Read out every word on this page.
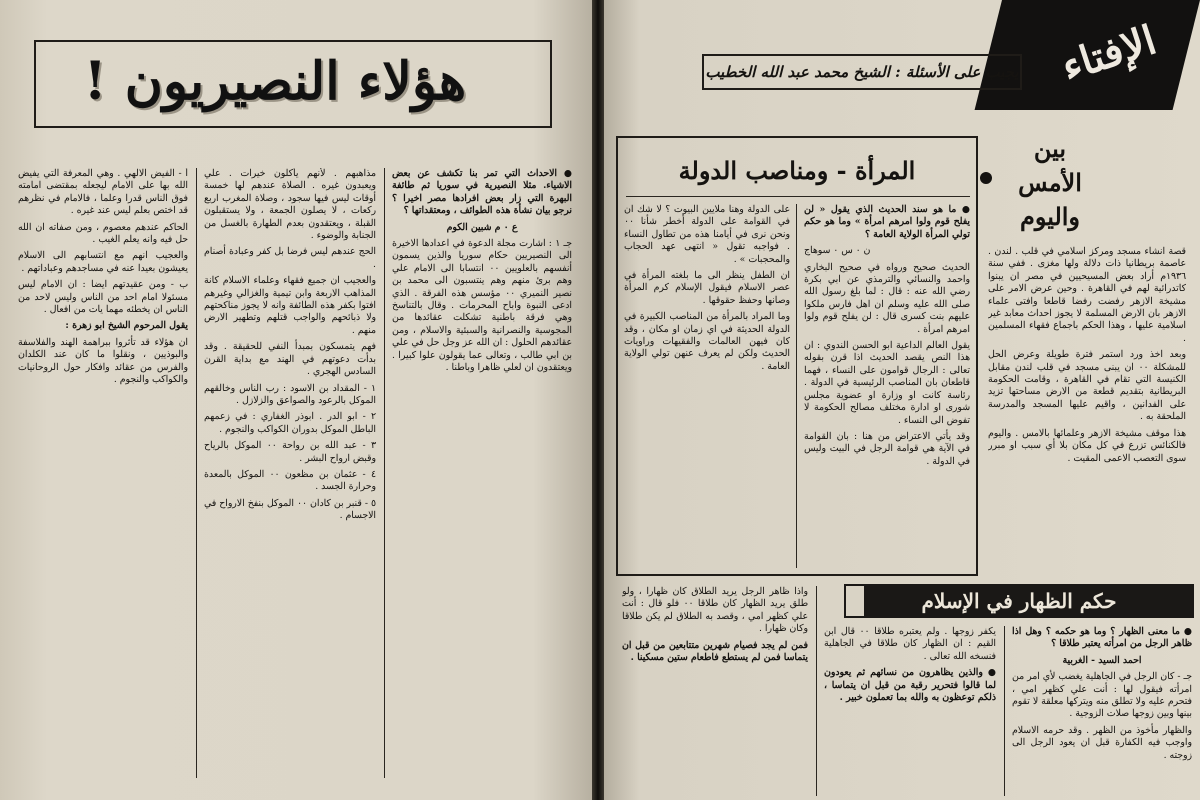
هؤلاء النصيريون !

● الاحداث التي تمر بنا تكشف عن بعض الاشياء. مثلا النصيرية في سوريا ثم طائفة البهرة التي زار بعض افرادها مصر اخيرا ؟ نرجو بيان نشأة هذه الطوائف ، ومعتقداتها ؟

ع ٠ م شبين الكوم

جـ ١ : اشارت مجلة الدعوة في اعدادها الاخيرة الى النصيريين حكام سوريا والذين يسمون أنفسهم بالعلويين ٠٠ انتسابا الى الامام علي وهم برئ منهم وهم ينتسبون الى محمد بن نصير النميري ٠٠ مؤسس هذه الفرقة . الذي ادعى النبوة واباح المحرمات . وقال بالتناسخ وهي فرقة باطنية تشكلت عقائدها من المجوسية والنصرانية والسبئية والاسلام ، ومن عقائدهم الحلول : ان الله عز وجل حل في علي بن ابي طالب ، وتعالى عما يقولون علوا كبيرا . ويعتقدون ان لعلي ظاهرا وباطنا .

مذاهبهم . لأنهم يأكلون خيرات . علي ويعبدون غيره . الصلاة عندهم لها خمسة أوقات ليس فيها سجود ، وصلاة المغرب اربع ركعات ، لا يصلون الجمعة ، ولا يستقبلون القبلة ، ويعتقدون بعدم الطهارة بالغسل من الجنابة والوضوء .

الحج عندهم ليس فرضا بل كفر وعبادة أصنام .

والعجيب ان جميع فقهاء وعلماء الاسلام كانة المذاهب الاربعة وابن تيمية والغزالي وغيرهم افتوا بكفر هذه الطائفة وانه لا يجوز مناكحتهم ولا ذبائحهم والواجب قتلهم وتطهير الارض منهم .

فهم يتمسكون بمبدأ النفي للحقيقة . وقد بدأت دعوتهم في الهند مع بداية القرن السادس الهجري .

١ - المقداد بن الاسود : رب الناس وخالقهم الموكل بالرعود والصواعق والزلازل .

٢ - ابو الدر . ابوذر الغفاري : في زعمهم الباطل الموكل بدوران الكواكب والنجوم .

٣ - عبد الله بن رواحة ٠٠ الموكل بالرياح وقبض ارواح البشر .

٤ - عثمان بن مظعون ٠٠ الموكل بالمعدة وحرارة الجسد .

٥ - قنبر بن كادان ٠٠ الموكل بنفخ الارواح في الاجسام .

أ - الفيض الالهي . وهي المعرفة التي يفيض الله بها على الامام ليجعله بمقتضى امامته فوق الناس قدرا وعلما ، فالامام في نظرهم قد اختص بعلم ليس عند غيره .

الحاكم عندهم معصوم ، ومن صفاته ان الله حل فيه وانه يعلم الغيب .

والعجيب انهم مع انتسابهم الى الاسلام يعيشون بعيدا عنه في مساجدهم وعباداتهم .

ب - ومن عقيدتهم ايضا : ان الامام ليس مسئولا امام احد من الناس وليس لاحد من الناس ان يخطئه مهما يات من افعال .

يقول المرحوم الشيخ ابو زهرة :

ان هؤلاء قد تأثروا ببراهمة الهند والفلاسفة والبوذيين ، ونقلوا ما كان عند الكلدان والفرس من عقائد وافكار حول الروحانيات والكواكب والنجوم .

الإفتاء
يجيب على الأسئلة : الشيخ محمد عبد الله الخطيب
بين
الأمس
واليوم

قصة انشاء مسجد ومركز اسلامي في قلب . لندن . عاصمة بريطانيا ذات دلالة ولها مغزى . ففي سنة ١٩٣٦م أراد بعض المسيحيين في مصر ان يبنوا كاتدرائية لهم في القاهرة . وحين عرض الامر على مشيخة الازهر رفضت رفضا قاطعا وافتى علماء الازهر بان الارض المسلمة لا يجوز احداث معابد غير اسلامية عليها ، وهذا الحكم باجماع فقهاء المسلمين .

وبعد اخذ ورد استمر فترة طويلة وعرض الحل للمشكلة ٠٠ ان يبنى مسجد في قلب لندن مقابل الكنيسة التي تقام في القاهرة ، وقامت الحكومة البريطانية بتقديم قطعة من الارض مساحتها تزيد على الفدانين ، واقيم عليها المسجد والمدرسة الملحقة به .

هذا موقف مشيخة الازهر وعلمائها بالامس . واليوم فالكنائس تزرع في كل مكان بلا أي سبب او مبرر سوى التعصب الاعمى المقيت .

المرأة - ومناصب الدولة

● ما هو سند الحديث الذي يقول « لن يفلح قوم ولوا امرهم امرأة » وما هو حكم تولي المرأة الولاية العامة ؟

ن ٠ س ٠ سوهاج

الحديث صحيح ورواه في صحيح البخاري واحمد والنسائي والترمذي عن ابي بكرة رضي الله عنه : قال : لما بلغ رسول الله صلى الله عليه وسلم ان اهل فارس ملكوا عليهم بنت كسرى قال : لن يفلح قوم ولوا امرهم امرأة .

يقول العالم الداعية ابو الحسن الندوي : ان هذا النص يقصد الحديث اذا قرن بقوله تعالى : الرجال قوامون على النساء ، فهما قاطعان بان المناصب الرئيسية في الدولة . رئاسة كانت او وزارة او عضوية مجلس شورى او ادارة مختلف مصالح الحكومة لا تفوض الى النساء .

وقد يأتي الاعتراض من هنا : بان القوامة في الآية هي قوامة الرجل في البيت وليس في الدولة .

على الدولة وهنا ملايين البيوت ؟ لا شك ان في القوامة على الدولة أخطر شأنا ٠٠ ونحن نرى في أيامنا هذه من تطاول النساء . فواجبه تقول « انتهى عهد الحجاب والمحجبات » .

ان الطفل ينظر الى ما بلغته المرأة في عصر الاسلام فيقول الإسلام كرم المرأة وصانها وحفظ حقوقها .

وما المراد بالمرأة من المناصب الكبيرة في الدولة الحديثة في اي زمان او مكان ، وقد كان فيهن العالمات والفقيهات وراويات الحديث ولكن لم يعرف عنهن تولي الولاية العامة .

حكم الظهار في الإسلام

● ما معنى الظهار ؟ وما هو حكمه ؟ وهل اذا ظاهر الرجل من امرأته يعتبر طلاقا ؟

احمد السيد - الغربية

جـ - كان الرجل في الجاهلية يغضب لأي امر من امرأته فيقول لها : أنت علي كظهر امي ، فتحرم عليه ولا تطلق منه ويتركها معلقة لا تقوم بينها وبين زوجها صلات الزوجية .

والظهار مأخوذ من الظهر . وقد حرمه الاسلام واوجب فيه الكفارة قبل ان يعود الرجل الى زوجته .

يكفر زوجها . ولم يعتبره طلاقا ٠٠ قال ابن القيم : ان الظهار كان طلاقا في الجاهلية فنسخه الله تعالى .

● والذين يظاهرون من نسائهم ثم يعودون لما قالوا فتحرير رقبة من قبل ان يتماسا ، ذلكم توعظون به والله بما تعملون خبير .

واذا ظاهر الرجل يريد الطلاق كان ظهارا ، ولو طلق يريد الظهار كان طلاقا ٠٠ فلو قال : أنت علي كظهر امي ، وقصد به الطلاق لم يكن طلاقا وكان ظهارا .

فمن لم يجد فصيام شهرين متتابعين من قبل ان يتماسا فمن لم يستطع فاطعام ستين مسكينا .
